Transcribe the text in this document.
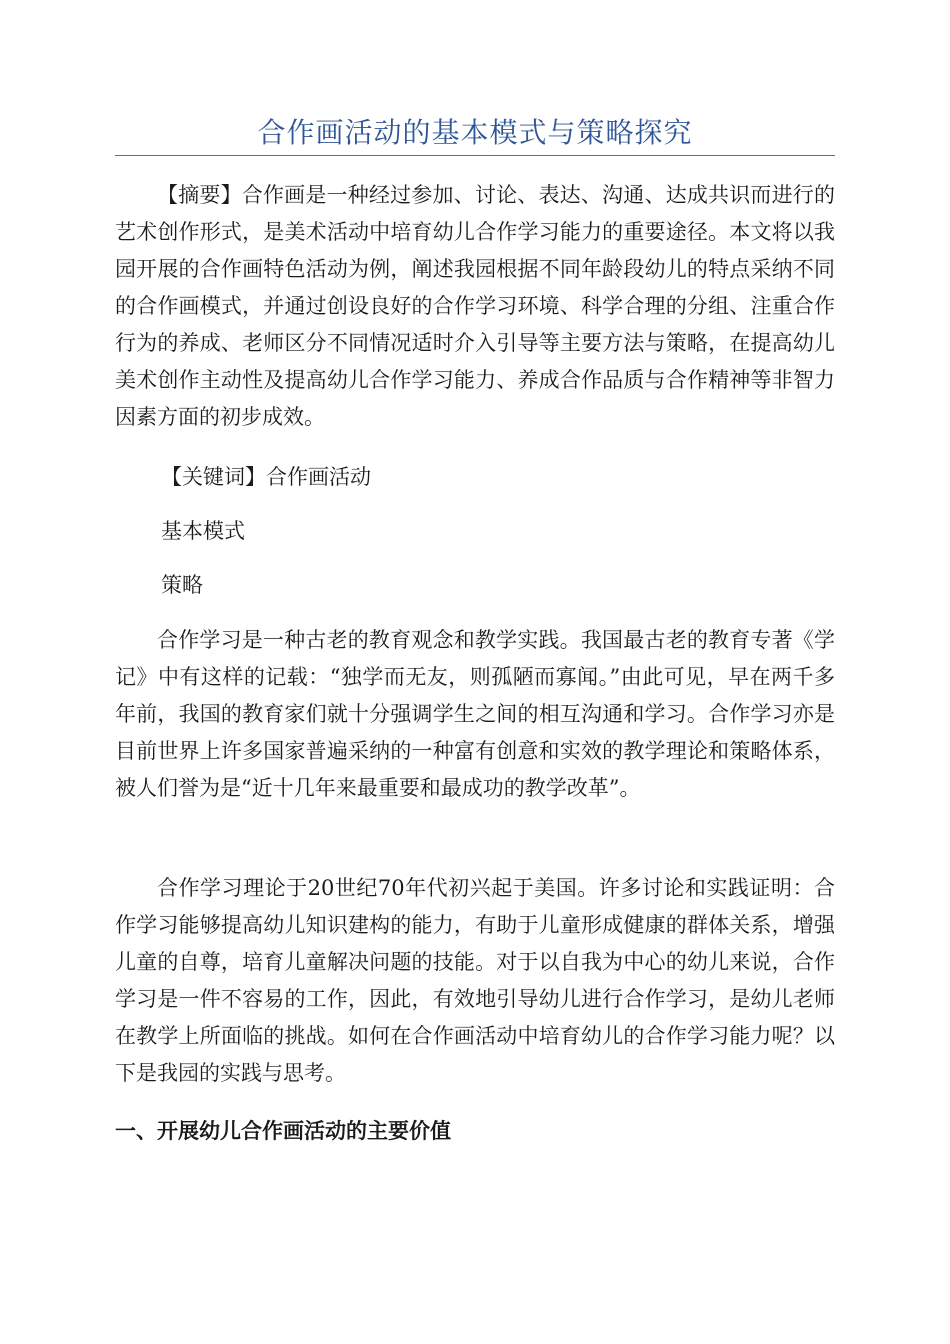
合作画活动的基本模式与策略探究

【摘要】合作画是一种经过参加、讨论、表达、沟通、达成共识而进行的艺术创作形式，是美术活动中培育幼儿合作学习能力的重要途径。本文将以我园开展的合作画特色活动为例，阐述我园根据不同年龄段幼儿的特点采纳不同的合作画模式，并通过创设良好的合作学习环境、科学合理的分组、注重合作行为的养成、老师区分不同情况适时介入引导等主要方法与策略，在提高幼儿美术创作主动性及提高幼儿合作学习能力、养成合作品质与合作精神等非智力因素方面的初步成效。

【关键词】合作画活动

基本模式

策略

合作学习是一种古老的教育观念和教学实践。我国最古老的教育专著《学记》中有这样的记载：“独学而无友，则孤陋而寡闻。”由此可见，早在两千多年前，我国的教育家们就十分强调学生之间的相互沟通和学习。合作学习亦是目前世界上许多国家普遍采纳的一种富有创意和实效的教学理论和策略体系，被人们誉为是“近十几年来最重要和最成功的教学改革”。

合作学习理论于20世纪70年代初兴起于美国。许多讨论和实践证明：合作学习能够提高幼儿知识建构的能力，有助于儿童形成健康的群体关系，增强儿童的自尊，培育儿童解决问题的技能。对于以自我为中心的幼儿来说，合作学习是一件不容易的工作，因此，有效地引导幼儿进行合作学习，是幼儿老师在教学上所面临的挑战。如何在合作画活动中培育幼儿的合作学习能力呢？以下是我园的实践与思考。

一、开展幼儿合作画活动的主要价值
